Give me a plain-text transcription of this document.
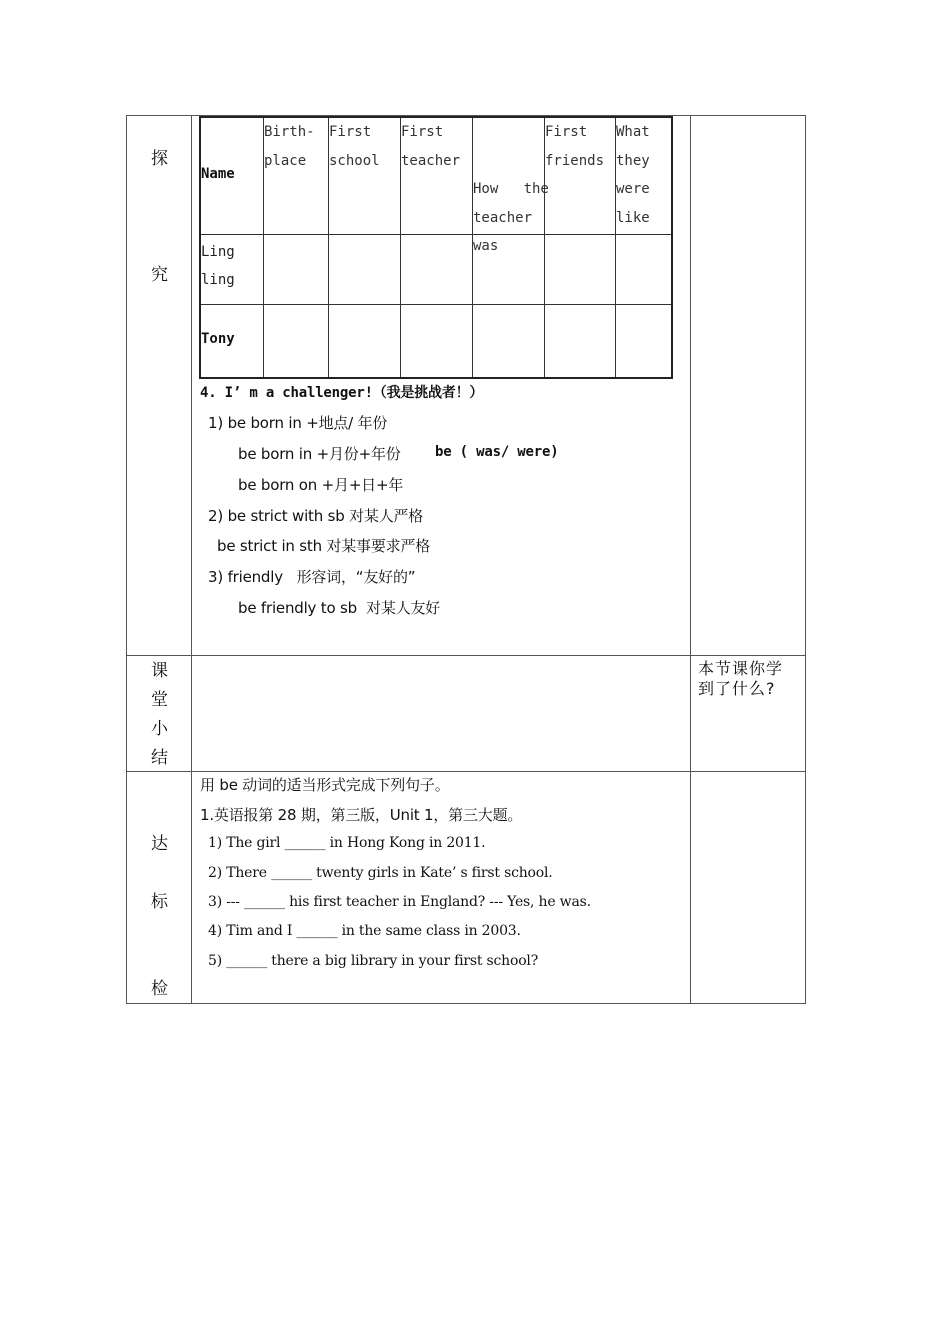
探
究
课
堂
小
结
达
标
检
Name
Birth-
place
First
school
First
teacher

How   the
teacher
was

First
friends
What
they
were
like
Ling
ling
Tony
4. I’ m a challenger!（我是挑战者！）
1) be born in +地点/ 年份
be born in +月份+年份 be ( was/ were)
be born on +月+日+年
2) be strict with sb 对某人严格
be strict in sth 对某事要求严格
3) friendly   形容词，“友好的”
be friendly to sb  对某人友好
本节课你学
到了什么?
用 be 动词的适当形式完成下列句子。
1.英语报第 28 期，第三版，Unit 1，第三大题。
1) The girl ______ in Hong Kong in 2011.
2) There ______ twenty girls in Kate’ s first school.
3) --- ______ his first teacher in England? --- Yes, he was.
4) Tim and I ______ in the same class in 2003.
5) ______ there a big library in your first school?
